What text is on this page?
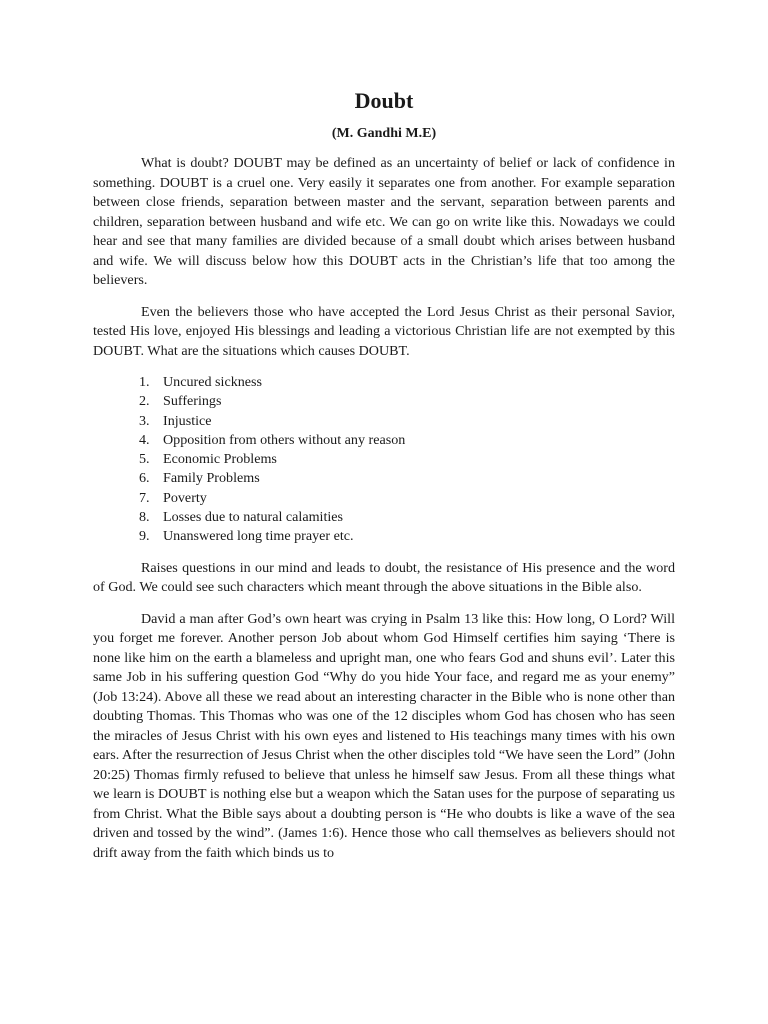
Doubt
(M. Gandhi M.E)

What is doubt? DOUBT may be defined as an uncertainty of belief or lack of confidence in something. DOUBT is a cruel one. Very easily it separates one from another. For example separation between close friends, separation between master and the servant, separation between parents and children, separation between husband and wife etc. We can go on write like this. Nowadays we could hear and see that many families are divided because of a small doubt which arises between husband and wife. We will discuss below how this DOUBT acts in the Christian’s life that too among the believers.

Even the believers those who have accepted the Lord Jesus Christ as their personal Savior, tested His love, enjoyed His blessings and leading a victorious Christian life are not exempted by this DOUBT. What are the situations which causes DOUBT.

1. Uncured sickness
2. Sufferings
3. Injustice
4. Opposition from others without any reason
5. Economic Problems
6. Family Problems
7. Poverty
8. Losses due to natural calamities
9. Unanswered long time prayer etc.

Raises questions in our mind and leads to doubt, the resistance of His presence and the word of God. We could see such characters which meant through the above situations in the Bible also.

David a man after God’s own heart was crying in Psalm 13 like this: How long, O Lord? Will you forget me forever. Another person Job about whom God Himself certifies him saying ‘There is none like him on the earth a blameless and upright man, one who fears God and shuns evil’. Later this same Job in his suffering question God “Why do you hide Your face, and regard me as your enemy” (Job 13:24). Above all these we read about an interesting character in the Bible who is none other than doubting Thomas. This Thomas who was one of the 12 disciples whom God has chosen who has seen the miracles of Jesus Christ with his own eyes and listened to His teachings many times with his own ears. After the resurrection of Jesus Christ when the other disciples told “We have seen the Lord” (John 20:25) Thomas firmly refused to believe that unless he himself saw Jesus. From all these things what we learn is DOUBT is nothing else but a weapon which the Satan uses for the purpose of separating us from Christ. What the Bible says about a doubting person is “He who doubts is like a wave of the sea driven and tossed by the wind”. (James 1:6). Hence those who call themselves as believers should not drift away from the faith which binds us to
